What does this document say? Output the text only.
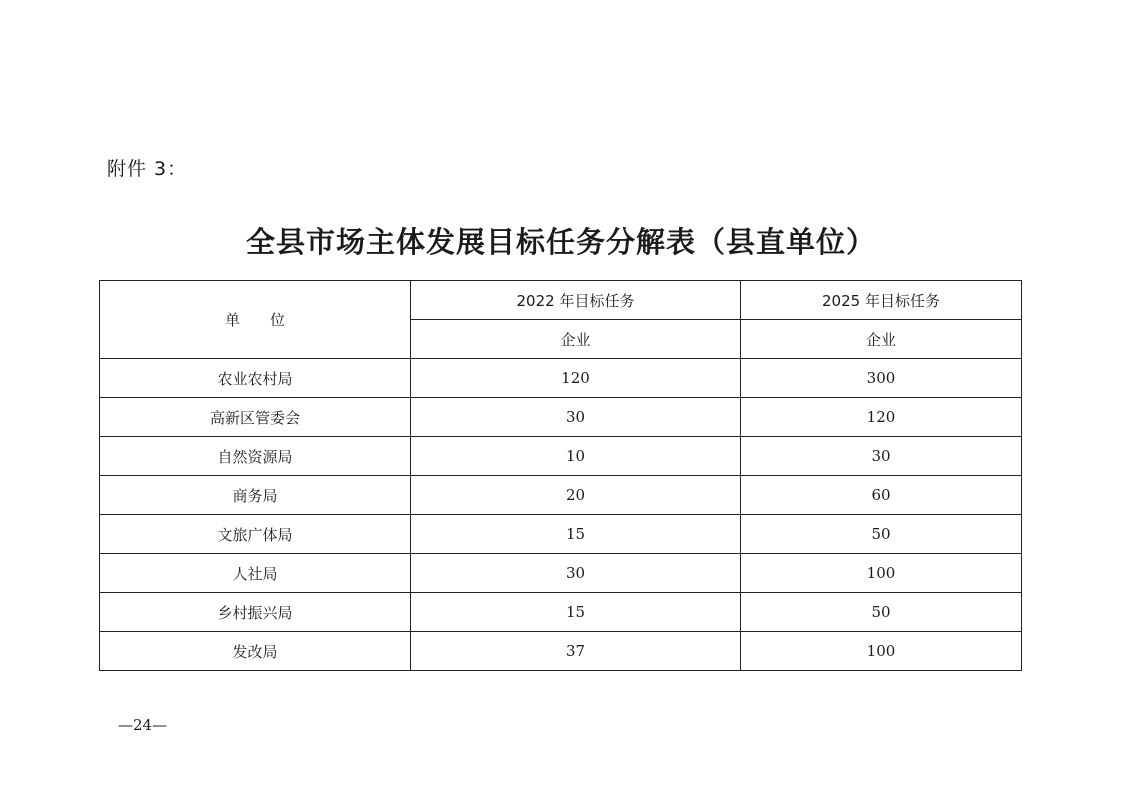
附件 3：
全县市场主体发展目标任务分解表（县直单位）
单位	2022 年目标任务	2025 年目标任务
	企业	企业
农业农村局	120	300
高新区管委会	30	120
自然资源局	10	30
商务局	20	60
文旅广体局	15	50
人社局	30	100
乡村振兴局	15	50
发改局	37	100
—24—
